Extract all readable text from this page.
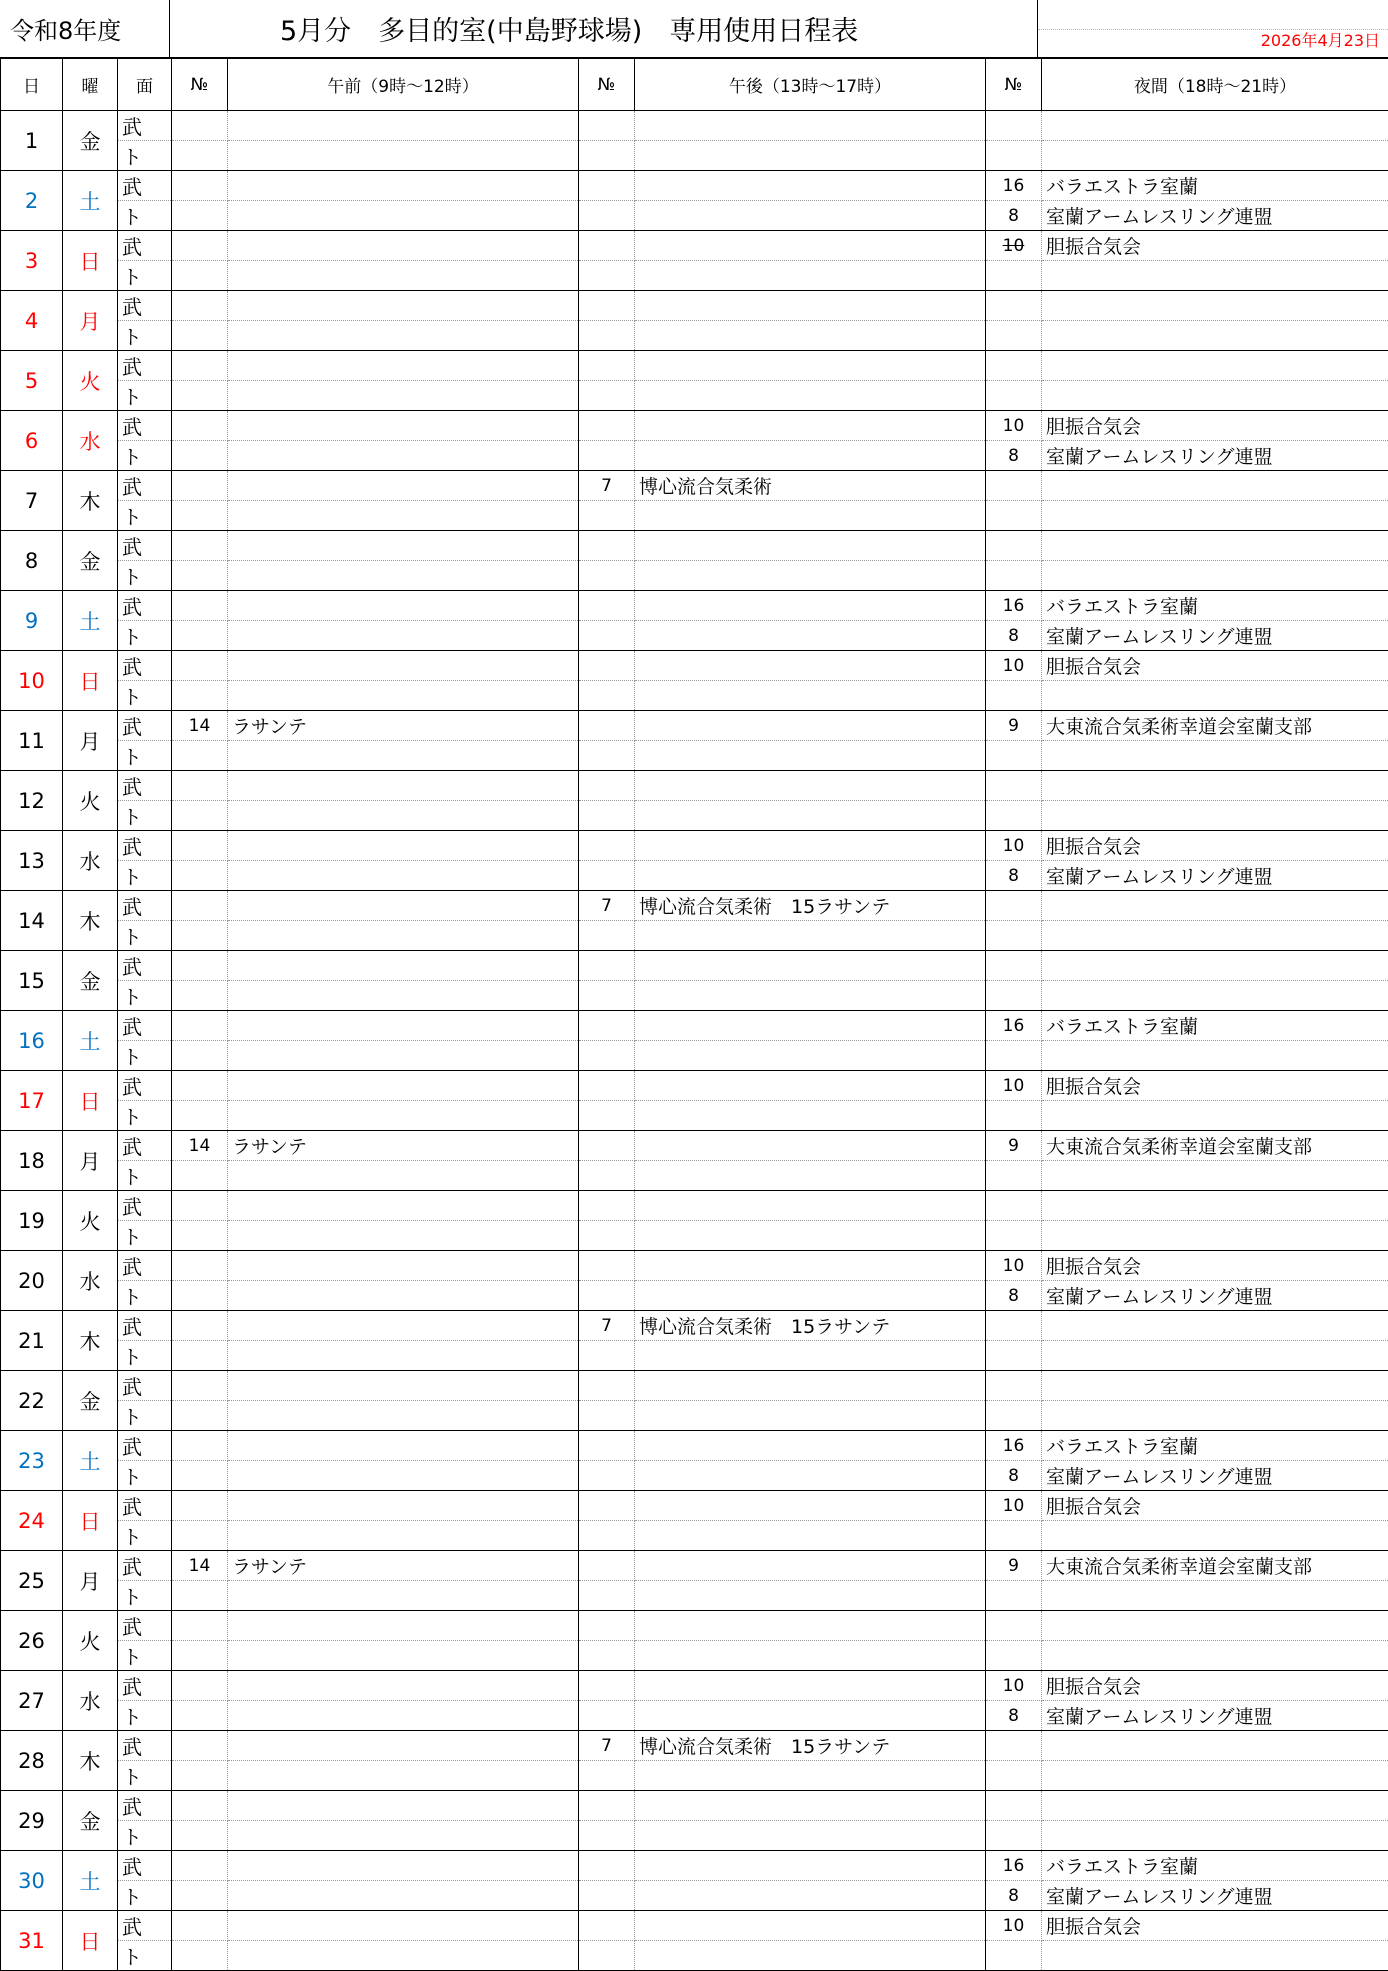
令和8年度	5月分　多目的室(中島野球場)　専用使用日程表	2026年4月23日
日	曜	面	№	午前（9時～12時）	№	午後（13時～17時）	№	夜間（18時～21時）
1	金	武						
		ト						
2	土	武					16	バラエストラ室蘭
		ト					8	室蘭アームレスリング連盟
3	日	武					10	胆振合気会
		ト						
4	月	武						
		ト						
5	火	武						
		ト						
6	水	武					10	胆振合気会
		ト					8	室蘭アームレスリング連盟
7	木	武			7	博心流合気柔術		
		ト						
8	金	武						
		ト						
9	土	武					16	バラエストラ室蘭
		ト					8	室蘭アームレスリング連盟
10	日	武					10	胆振合気会
		ト						
11	月	武	14	ラサンテ			9	大東流合気柔術幸道会室蘭支部
		ト						
12	火	武						
		ト						
13	水	武					10	胆振合気会
		ト					8	室蘭アームレスリング連盟
14	木	武			7	博心流合気柔術　15ラサンテ		
		ト						
15	金	武						
		ト						
16	土	武					16	バラエストラ室蘭
		ト						
17	日	武					10	胆振合気会
		ト						
18	月	武	14	ラサンテ			9	大東流合気柔術幸道会室蘭支部
		ト						
19	火	武						
		ト						
20	水	武					10	胆振合気会
		ト					8	室蘭アームレスリング連盟
21	木	武			7	博心流合気柔術　15ラサンテ		
		ト						
22	金	武						
		ト						
23	土	武					16	バラエストラ室蘭
		ト					8	室蘭アームレスリング連盟
24	日	武					10	胆振合気会
		ト						
25	月	武	14	ラサンテ			9	大東流合気柔術幸道会室蘭支部
		ト						
26	火	武						
		ト						
27	水	武					10	胆振合気会
		ト					8	室蘭アームレスリング連盟
28	木	武			7	博心流合気柔術　15ラサンテ		
		ト						
29	金	武						
		ト						
30	土	武					16	バラエストラ室蘭
		ト					8	室蘭アームレスリング連盟
31	日	武					10	胆振合気会
		ト						
